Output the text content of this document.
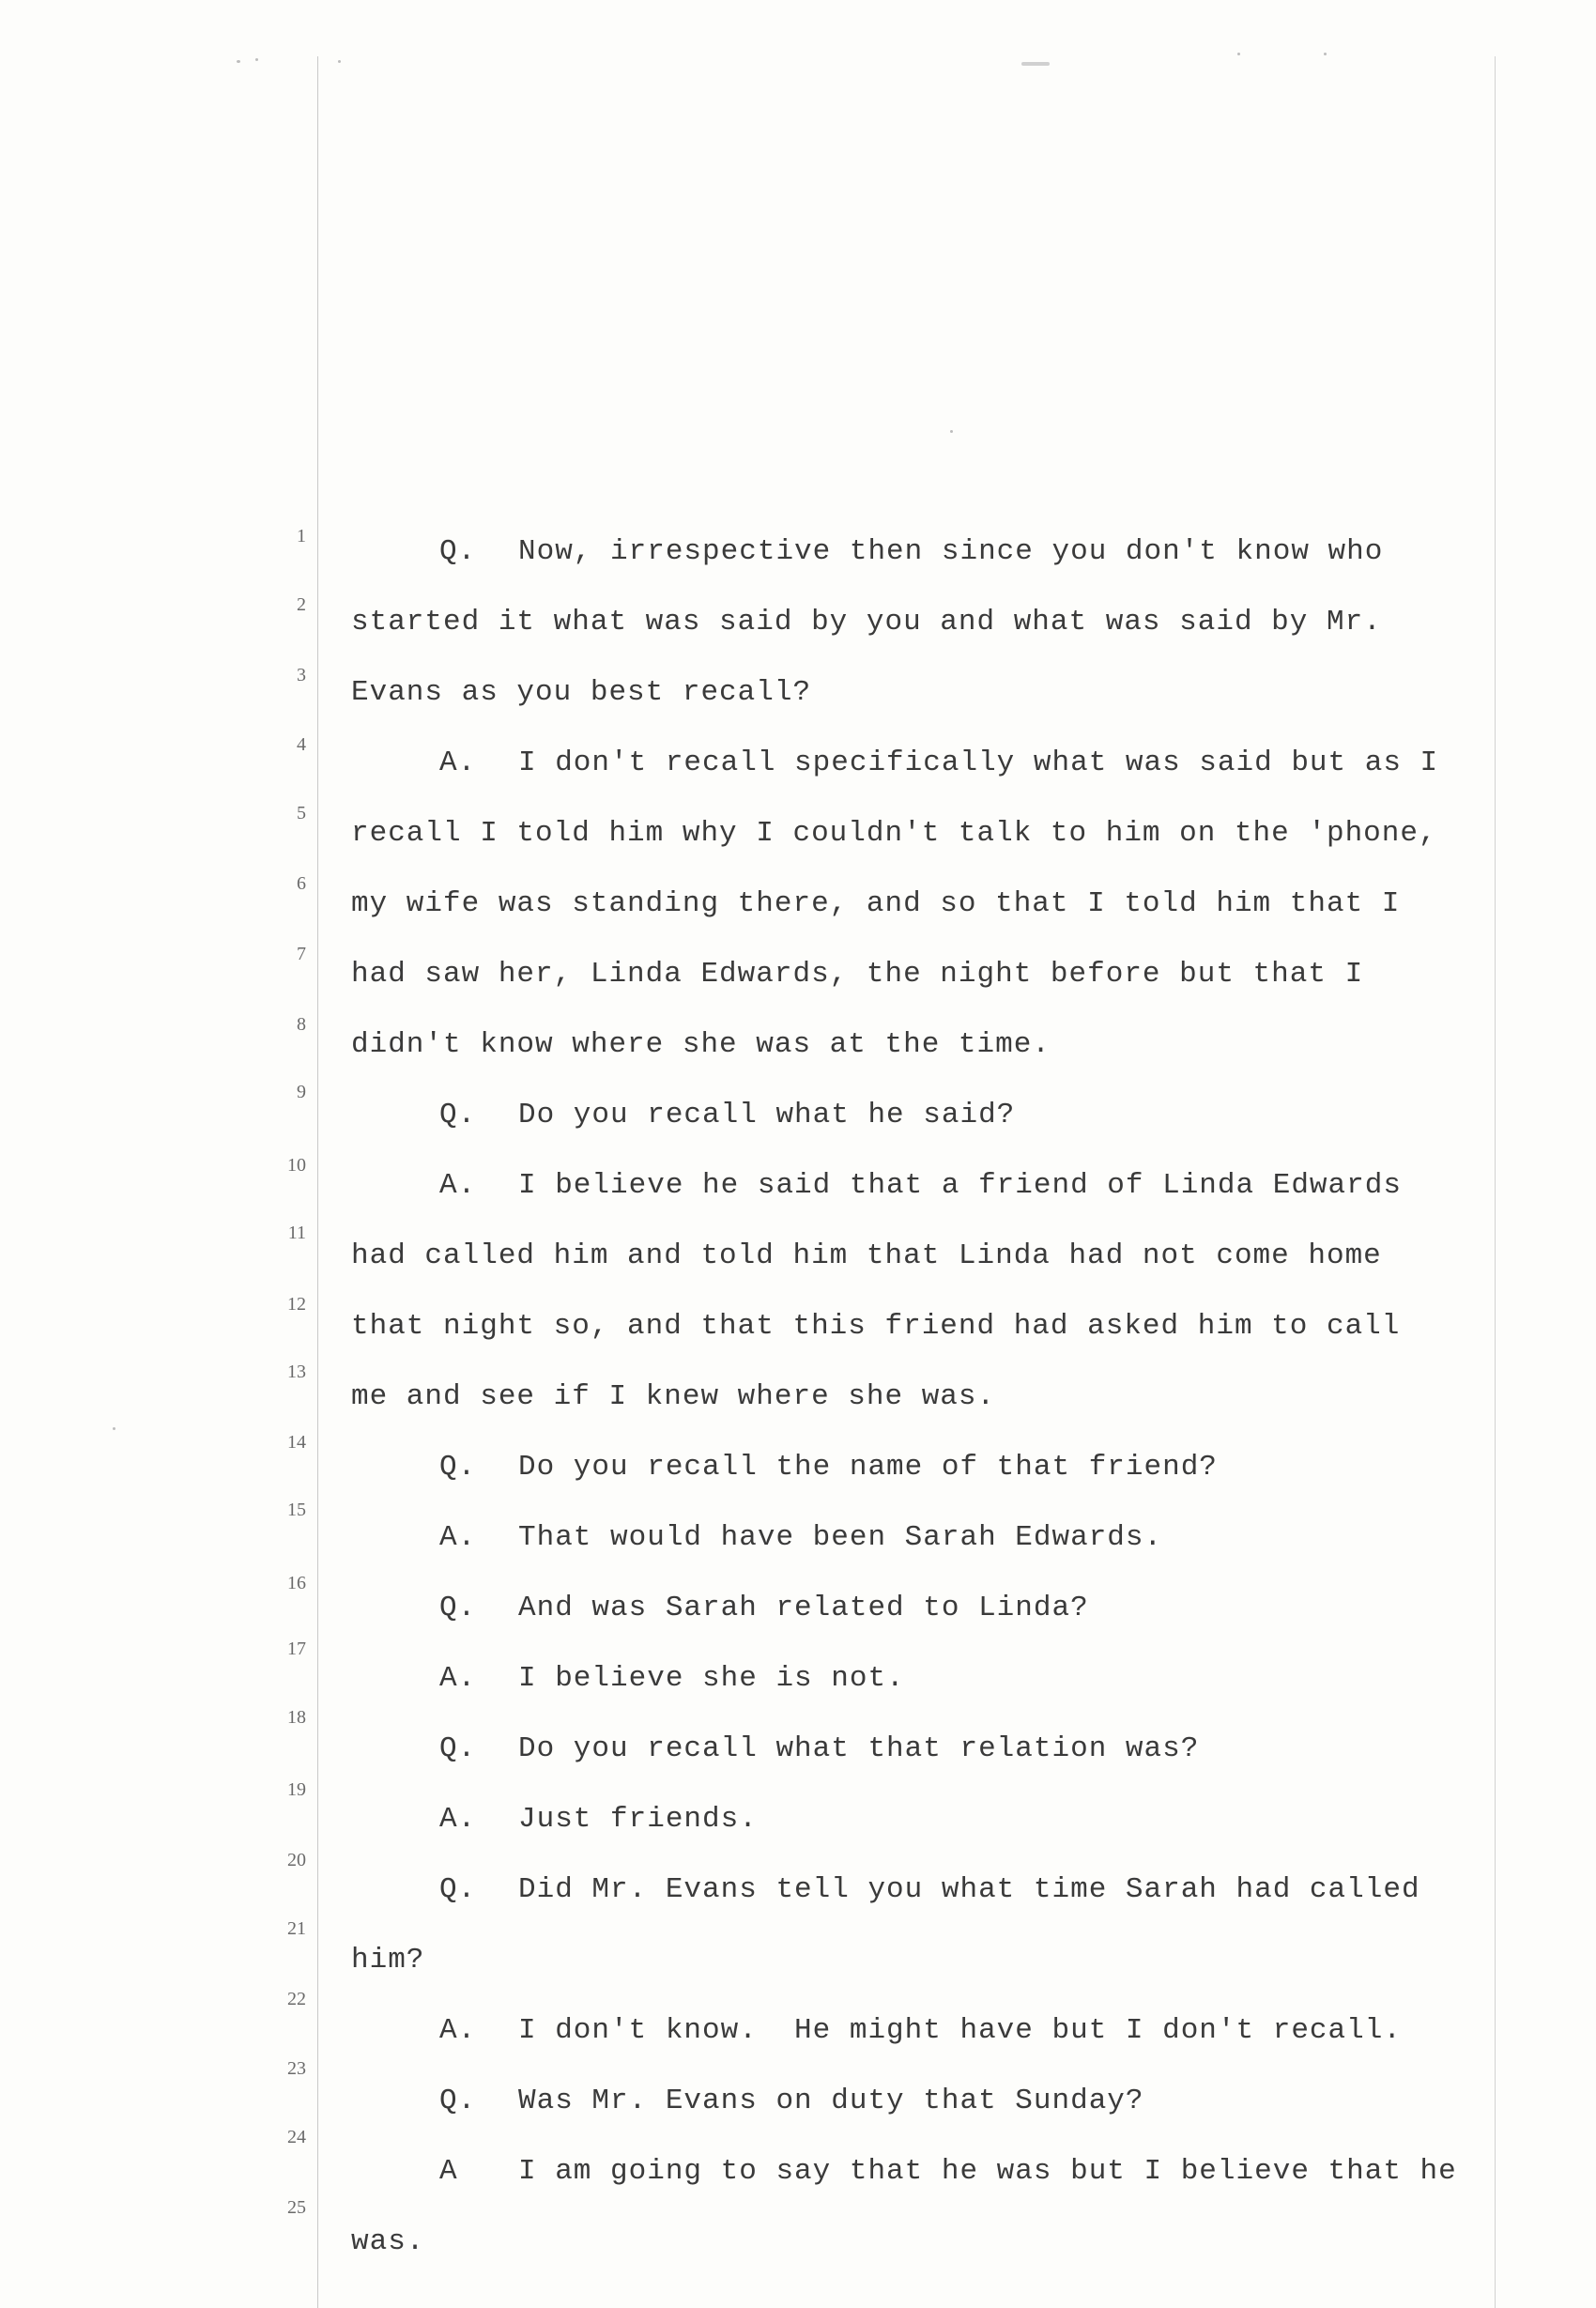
1
2
3
4
5
6
7
8
9
10
11
12
13
14
15
16
17
18
19
20
21
22
23
24
25
Q. Now, irrespective then since you don't know who
started it what was said by you and what was said by Mr.
Evans as you best recall?
A. I don't recall specifically what was said but as I
recall I told him why I couldn't talk to him on the 'phone,
my wife was standing there, and so that I told him that I
had saw her, Linda Edwards, the night before but that I
didn't know where she was at the time.
Q. Do you recall what he said?
A. I believe he said that a friend of Linda Edwards
had called him and told him that Linda had not come home
that night so, and that this friend had asked him to call
me and see if I knew where she was.
Q. Do you recall the name of that friend?
A. That would have been Sarah Edwards.
Q. And was Sarah related to Linda?
A. I believe she is not.
Q. Do you recall what that relation was?
A. Just friends.
Q. Did Mr. Evans tell you what time Sarah had called
him?
A. I don't know.  He might have but I don't recall.
Q. Was Mr. Evans on duty that Sunday?
A I am going to say that he was but I believe that he
was.
